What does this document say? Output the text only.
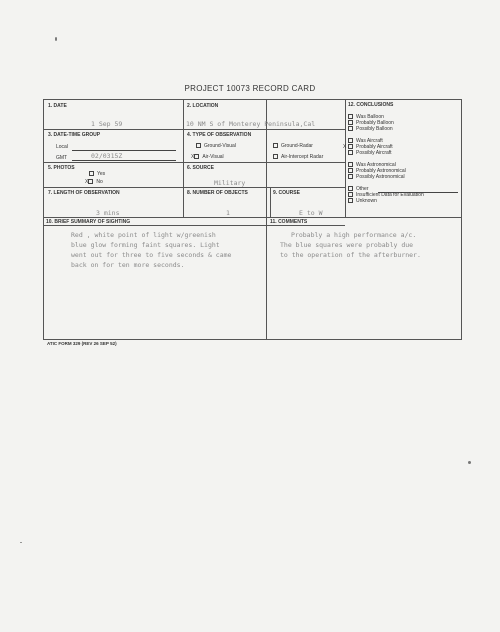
PROJECT 10073 RECORD CARD
1. DATE
1 Sep 59
2. LOCATION
10 NM S of Monterey Peninsula,Cal
3. DATE-TIME GROUP
Local
GMT	02/0315Z
4. TYPE OF OBSERVATION
Ground-Visual	Ground-Radar
X Air-Visual	Air-Intercept Radar
5. PHOTOS
Yes
X No
6. SOURCE
Military
7. LENGTH OF OBSERVATION
3 mins
8. NUMBER OF OBJECTS
1
9. COURSE
E to W
10. BRIEF SUMMARY OF SIGHTING
Red , white point of light w/greenish
blue glow forming faint squares. Light
went out for three to five seconds & came
back on for ten more seconds.
11. COMMENTS
Probably a high performance a/c.
The blue squares were probably due
to the operation of the afterburner.
12. CONCLUSIONS
Was Balloon
Probably Balloon
Possibly Balloon
Was Aircraft
Probably Aircraft
X
Possibly Aircraft
Was Astronomical
Probably Astronomical
Possibly Astronomical
Other
Insufficient Data for Evaluation
Unknown
ATIC FORM 329 (REV 26 SEP 52)
